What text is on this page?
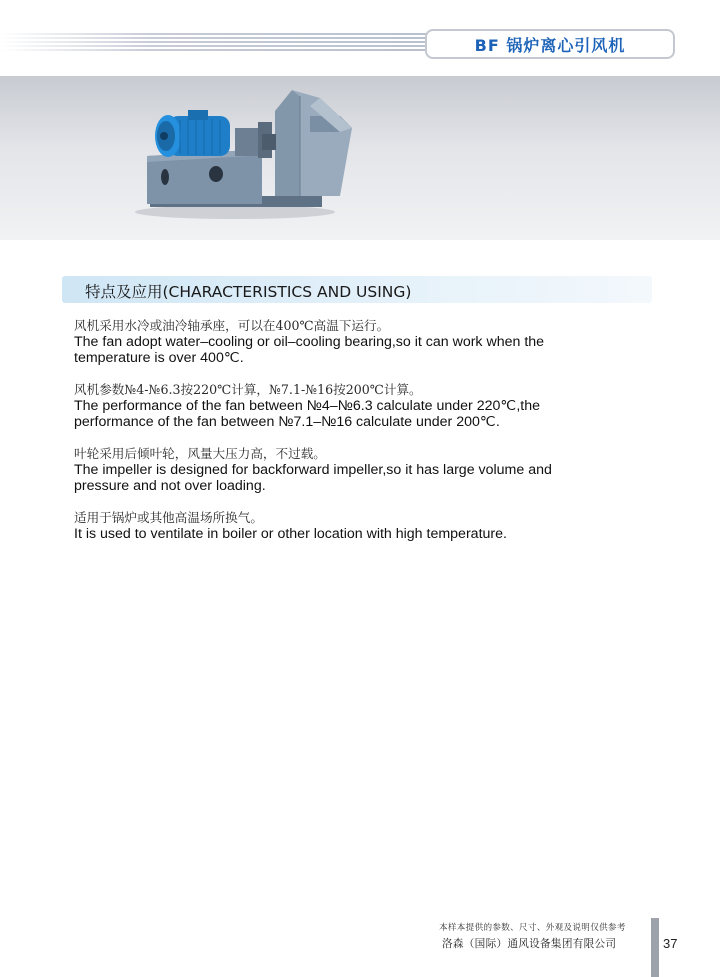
BF 锅炉离心引风机
特点及应用(CHARACTERISTICS AND USING)
风机采用水冷或油冷轴承座，可以在400℃高温下运行。
The fan adopt water–cooling or oil–cooling bearing,so it can work when the
temperature is over 400℃.
风机参数№4-№6.3按220℃计算，№7.1-№16按200℃计算。
The performance of the fan between №4–№6.3 calculate under 220℃,the
performance of the fan between №7.1–№16 calculate under 200℃.
叶轮采用后倾叶轮，风量大压力高，不过载。
The impeller is designed for backforward impeller,so it has large volume and
pressure and not over loading.
适用于锅炉或其他高温场所换气。
It is used to ventilate in boiler or other location with high temperature.
本样本提供的参数、尺寸、外观及说明仅供参考
洛森（国际）通风设备集团有限公司	37
